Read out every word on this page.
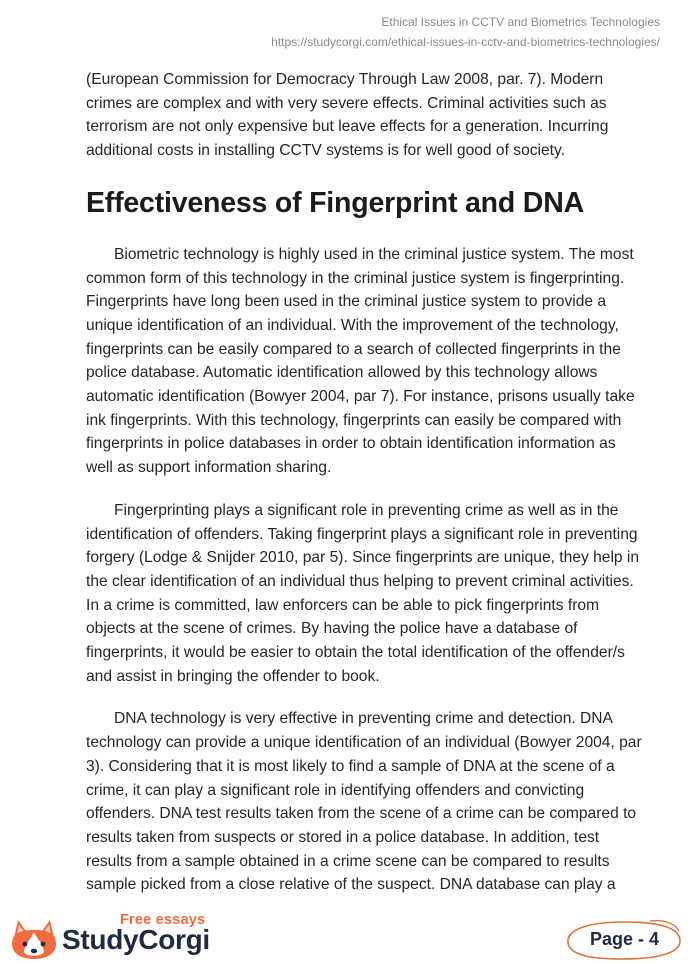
Ethical Issues in CCTV and Biometrics Technologies
https://studycorgi.com/ethical-issues-in-cctv-and-biometrics-technologies/

(European Commission for Democracy Through Law 2008, par. 7). Modern
crimes are complex and with very severe effects. Criminal activities such as
terrorism are not only expensive but leave effects for a generation. Incurring
additional costs in installing CCTV systems is for well good of society.

Effectiveness of Fingerprint and DNA

Biometric technology is highly used in the criminal justice system. The most
common form of this technology in the criminal justice system is fingerprinting.
Fingerprints have long been used in the criminal justice system to provide a
unique identification of an individual. With the improvement of the technology,
fingerprints can be easily compared to a search of collected fingerprints in the
police database. Automatic identification allowed by this technology allows
automatic identification (Bowyer 2004, par 7). For instance, prisons usually take
ink fingerprints. With this technology, fingerprints can easily be compared with
fingerprints in police databases in order to obtain identification information as
well as support information sharing.

Fingerprinting plays a significant role in preventing crime as well as in the
identification of offenders. Taking fingerprint plays a significant role in preventing
forgery (Lodge & Snijder 2010, par 5). Since fingerprints are unique, they help in
the clear identification of an individual thus helping to prevent criminal activities.
In a crime is committed, law enforcers can be able to pick fingerprints from
objects at the scene of crimes. By having the police have a database of
fingerprints, it would be easier to obtain the total identification of the offender/s
and assist in bringing the offender to book.

DNA technology is very effective in preventing crime and detection. DNA
technology can provide a unique identification of an individual (Bowyer 2004, par
3). Considering that it is most likely to find a sample of DNA at the scene of a
crime, it can play a significant role in identifying offenders and convicting
offenders. DNA test results taken from the scene of a crime can be compared to
results taken from suspects or stored in a police database. In addition, test
results from a sample obtained in a crime scene can be compared to results
sample picked from a close relative of the suspect. DNA database can play a

Free essays
StudyCorgi	Page - 4
